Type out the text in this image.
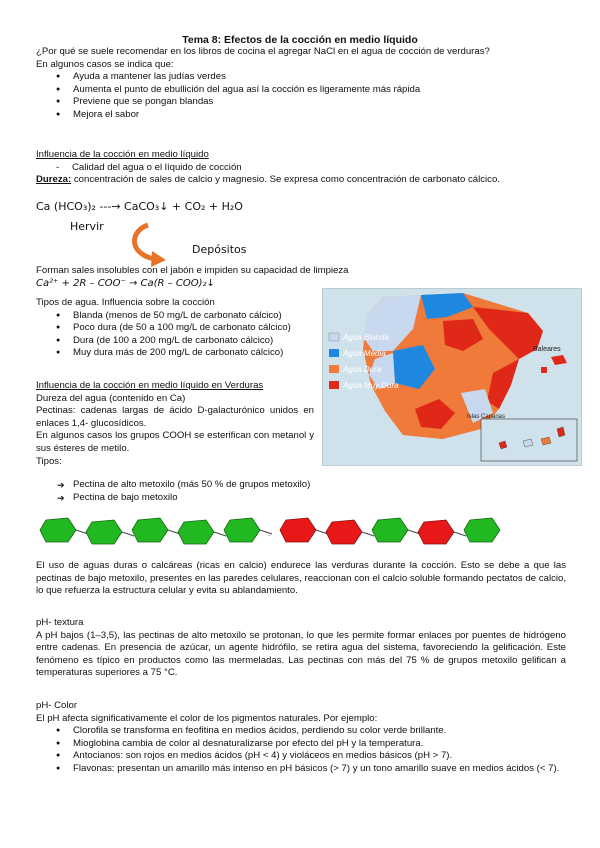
Tema 8: Efectos de la cocción en medio líquido

¿Por qué se suele recomendar en los libros de cocina el agregar NaCl en el agua de cocción de verduras?

En algunos casos se indica que:

● Ayuda a mantener las judías verdes
● Aumenta el punto de ebullición del agua así la cocción es ligeramente más rápida
● Previene que se pongan blandas
● Mejora el sabor

Influencia de la cocción en medio líquido

- Calidad del agua o el líquido de cocción

Dureza: concentración de sales de calcio y magnesio. Se expresa como concentración de carbonato cálcico.

Ca (HCO₃)₂ ---→ CaCO₃↓ + CO₂ + H₂O
Hervir
Depósitos
Forman sales insolubles con el jabón e impiden su capacidad de limpieza
Ca²⁺ + 2R – COO⁻ → Ca(R – COO)₂↓

Tipos de agua. Influencia sobre la cocción

● Blanda (menos de 50 mg/L de carbonato cálcico)
● Poco dura (de 50 a 100 mg/L de carbonato cálcico)
● Dura (de 100 a 200 mg/L de carbonato cálcico)
● Muy dura más de 200 mg/L de carbonato cálcico)	Baleares
Islas Canarias
Agua Blanda
Agua Media
Agua Dura
Agua Muy Dura

Influencia de la cocción en medio líquido en Verduras

Dureza del agua (contenido en Ca)

Pectinas: cadenas largas de ácido D-galacturónico unidos en enlaces 1,4- glucosídicos.

En algunos casos los grupos COOH se esterifican con metanol y sus ésteres de metilo.

Tipos:

➔ Pectina de alto metoxilo (más 50 % de grupos metoxilo)
➔ Pectina de bajo metoxilo
.
El uso de aguas duras o calcáreas (ricas en calcio) endurece las verduras durante la cocción. Esto se debe a que las pectinas de bajo metoxilo, presentes en las paredes celulares, reaccionan con el calcio soluble formando pectatos de calcio, lo que refuerza la estructura celular y evita su ablandamiento.

pH- textura

A pH bajos (1–3,5), las pectinas de alto metoxilo se protonan, lo que les permite formar enlaces por puentes de hidrógeno entre cadenas. En presencia de azúcar, un agente hidrófilo, se retira agua del sistema, favoreciendo la gelificación. Este fenómeno es típico en productos como las mermeladas. Las pectinas con más del 75 % de grupos metoxilo gelifican a temperaturas superiores a 75 °C.

pH- Color

El pH afecta significativamente el color de los pigmentos naturales. Por ejemplo:

● Clorofila se transforma en feofitina en medios ácidos, perdiendo su color verde brillante.
● Mioglobina cambia de color al desnaturalizarse por efecto del pH y la temperatura.
● Antocianos: son rojos en medios ácidos (pH < 4) y violáceos en medios básicos (pH > 7).
● Flavonas: presentan un amarillo más intenso en pH básicos (> 7) y un tono amarillo suave en medios ácidos (< 7).
